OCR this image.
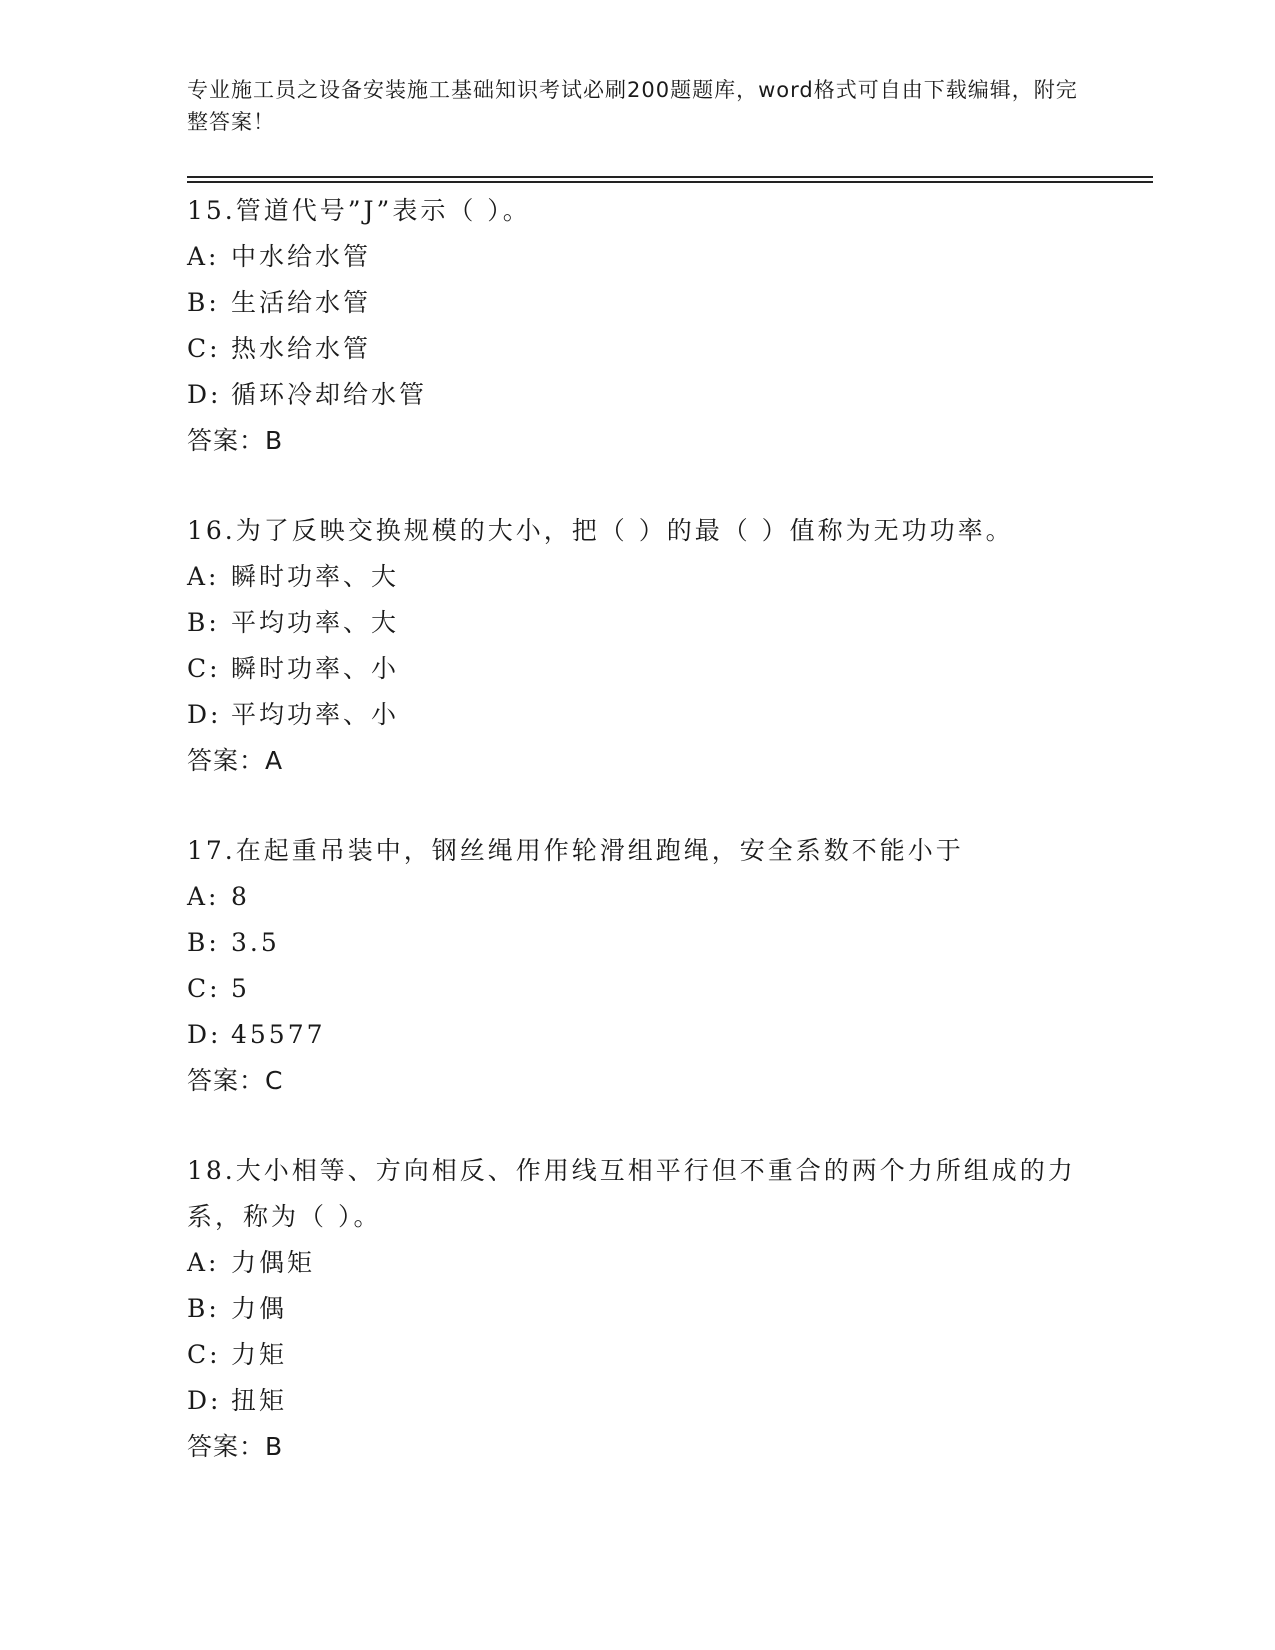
专业施工员之设备安装施工基础知识考试必刷200题题库，word格式可自由下载编辑，附完整答案！

15.管道代号”J”表示（ ）。

A: 中水给水管
B: 生活给水管
C: 热水给水管
D: 循环冷却给水管
答案：B

16.为了反映交换规模的大小，把（ ）的最（ ）值称为无功功率。

A: 瞬时功率、大
B: 平均功率、大
C: 瞬时功率、小
D: 平均功率、小
答案：A

17.在起重吊装中，钢丝绳用作轮滑组跑绳，安全系数不能小于

A: 8
B: 3.5
C: 5
D: 45577
答案：C

18.大小相等、方向相反、作用线互相平行但不重合的两个力所组成的力系，称为（ ）。

A: 力偶矩
B: 力偶
C: 力矩
D: 扭矩
答案：B
